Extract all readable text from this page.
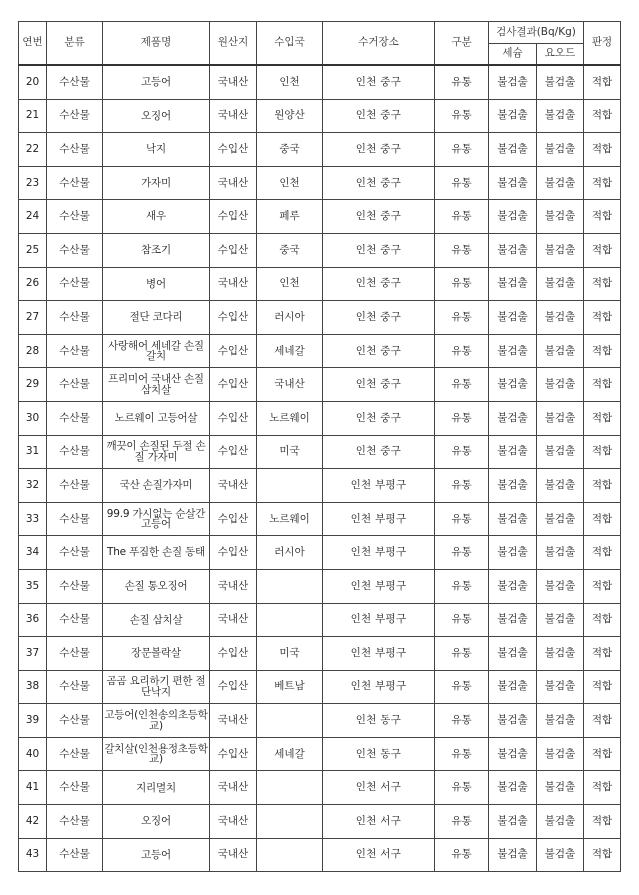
연번	분류	제품명	원산지	수입국	수거장소	구분	검사결과(Bq/Kg)		판정
							세슘	요오드	
20	수산물	고등어	국내산	인천	인천 중구	유통	불검출	불검출	적합
21	수산물	오징어	국내산	원양산	인천 중구	유통	불검출	불검출	적합
22	수산물	낙지	수입산	중국	인천 중구	유통	불검출	불검출	적합
23	수산물	가자미	국내산	인천	인천 중구	유통	불검출	불검출	적합
24	수산물	새우	수입산	페루	인천 중구	유통	불검출	불검출	적합
25	수산물	참조기	수입산	중국	인천 중구	유통	불검출	불검출	적합
26	수산물	병어	국내산	인천	인천 중구	유통	불검출	불검출	적합
27	수산물	절단 코다리	수입산	러시아	인천 중구	유통	불검출	불검출	적합
28	수산물	사랑해어 세네갈 손질 갈치	수입산	세네갈	인천 중구	유통	불검출	불검출	적합
29	수산물	프리미어 국내산 손질 삼치살	수입산	국내산	인천 중구	유통	불검출	불검출	적합
30	수산물	노르웨이 고등어살	수입산	노르웨이	인천 중구	유통	불검출	불검출	적합
31	수산물	깨끗이 손질된 두절 손질 가자미	수입산	미국	인천 중구	유통	불검출	불검출	적합
32	수산물	국산 손질가자미	국내산		인천 부평구	유통	불검출	불검출	적합
33	수산물	99.9 가시없는 순살간고등어	수입산	노르웨이	인천 부평구	유통	불검출	불검출	적합
34	수산물	The 푸짐한 손질 동태	수입산	러시아	인천 부평구	유통	불검출	불검출	적합
35	수산물	손질 통오징어	국내산		인천 부평구	유통	불검출	불검출	적합
36	수산물	손질 삼치살	국내산		인천 부평구	유통	불검출	불검출	적합
37	수산물	장문볼락살	수입산	미국	인천 부평구	유통	불검출	불검출	적합
38	수산물	곰곰 요리하기 편한 절단낙지	수입산	베트남	인천 부평구	유통	불검출	불검출	적합
39	수산물	고등어(인천송의초등학교)	국내산		인천 동구	유통	불검출	불검출	적합
40	수산물	갈치살(인천용정초등학교)	수입산	세네갈	인천 동구	유통	불검출	불검출	적합
41	수산물	지리멸치	국내산		인천 서구	유통	불검출	불검출	적합
42	수산물	오징어	국내산		인천 서구	유통	불검출	불검출	적합
43	수산물	고등어	국내산		인천 서구	유통	불검출	불검출	적합
